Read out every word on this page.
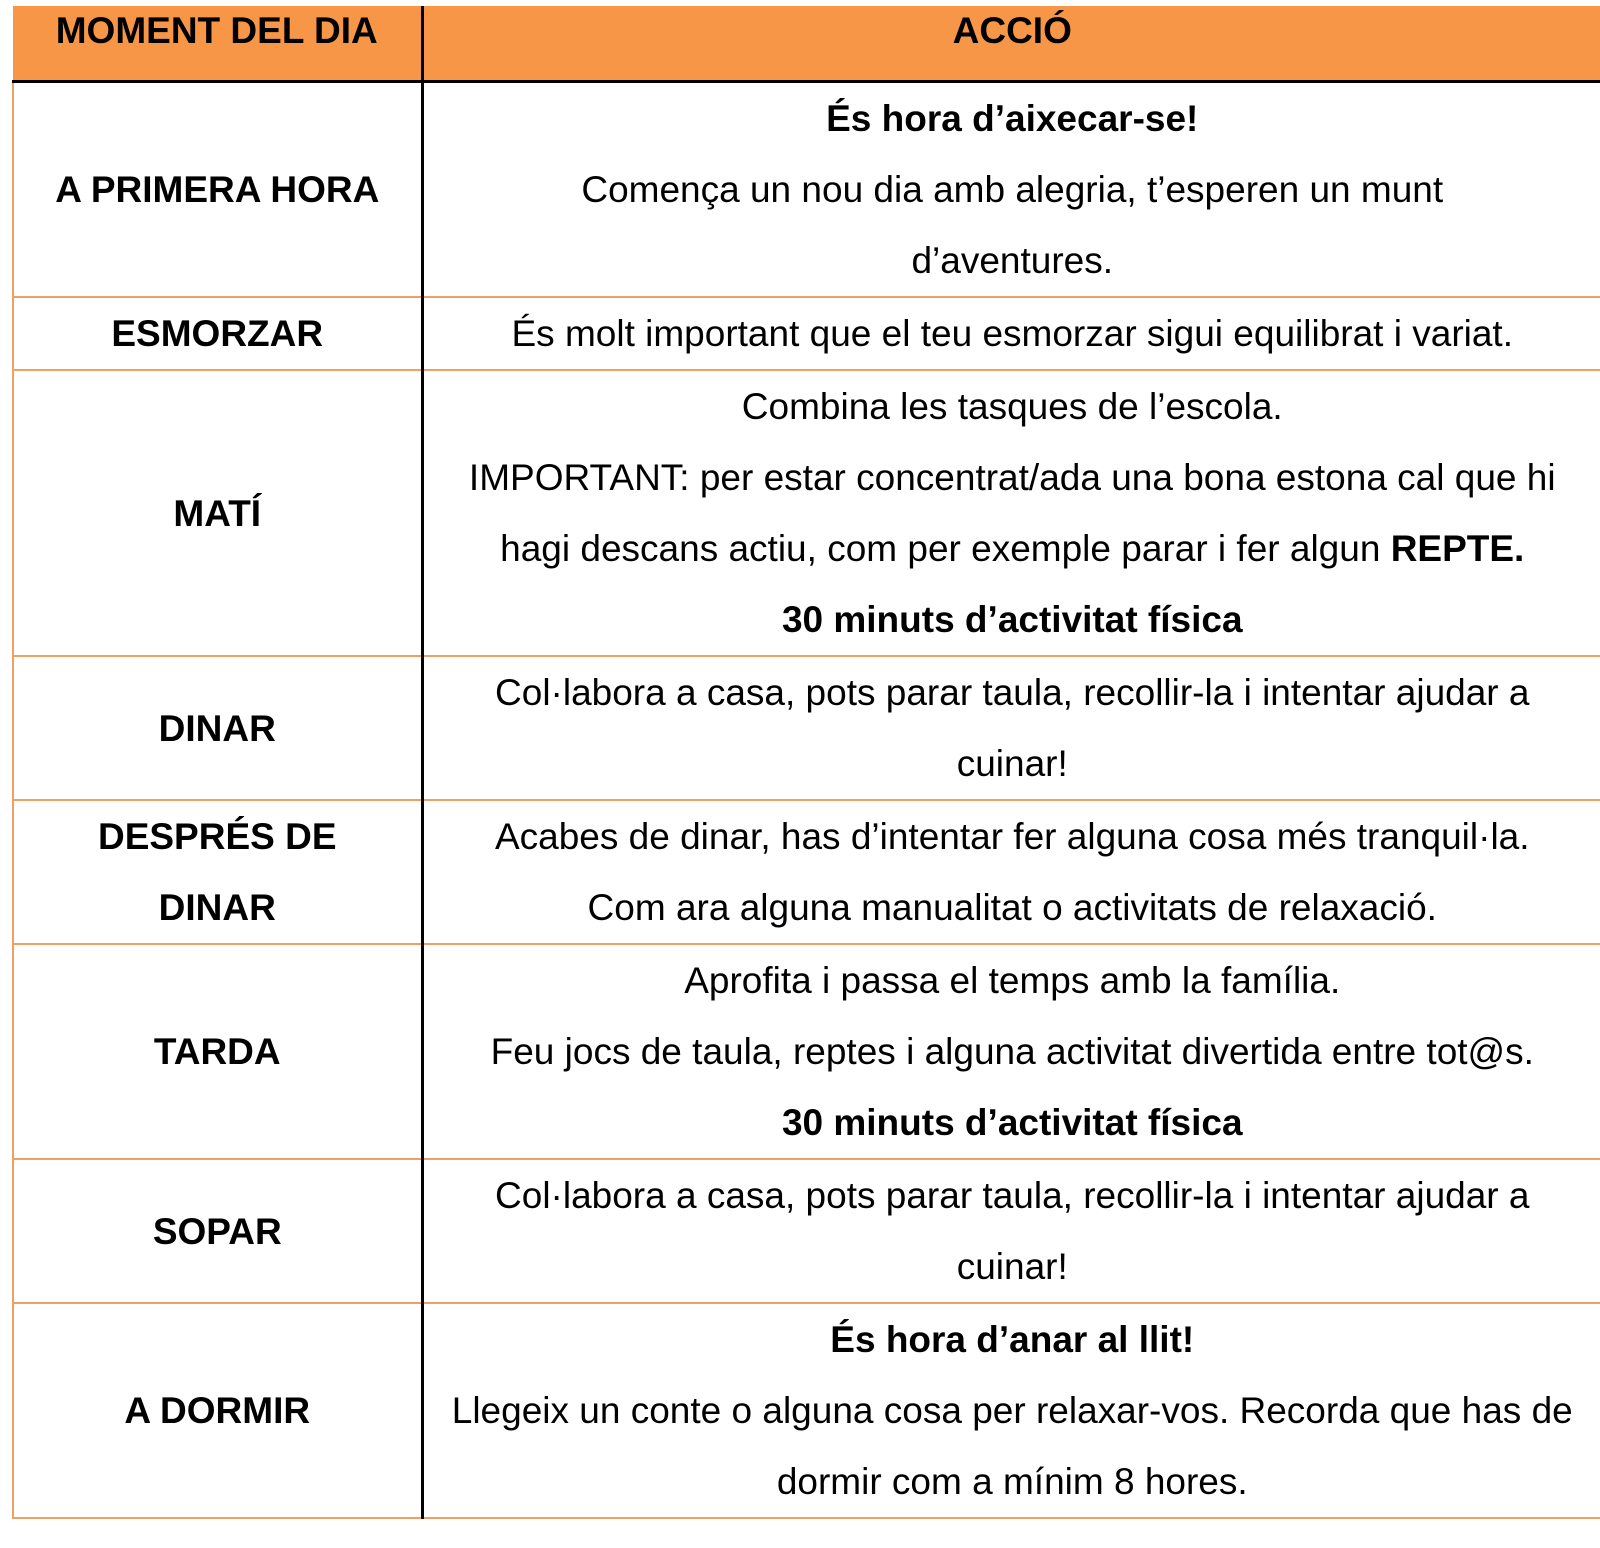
MOMENT DEL DIA	ACCIÓ
A PRIMERA HORA	És hora d’aixecar-se!
Comença un nou dia amb alegria, t’esperen un munt d’aventures.

ESMORZAR	És molt important que el teu esmorzar sigui equilibrat i variat.

MATÍ	Combina les tasques de l’escola.
IMPORTANT: per estar concentrat/ada una bona estona cal que hi hagi descans actiu, com per exemple parar i fer algun REPTE.
30 minuts d’activitat física

DINAR	Col·labora a casa, pots parar taula, recollir-la i intentar ajudar a cuinar!

DESPRÉS DE DINAR	Acabes de dinar, has d’intentar fer alguna cosa més tranquil·la.
Com ara alguna manualitat o activitats de relaxació.

TARDA	Aprofita i passa el temps amb la família.
Feu jocs de taula, reptes i alguna activitat divertida entre tot@s.
30 minuts d’activitat física

SOPAR	Col·labora a casa, pots parar taula, recollir-la i intentar ajudar a cuinar!

A DORMIR	És hora d’anar al llit!
Llegeix un conte o alguna cosa per relaxar-vos. Recorda que has de dormir com a mínim 8 hores.
